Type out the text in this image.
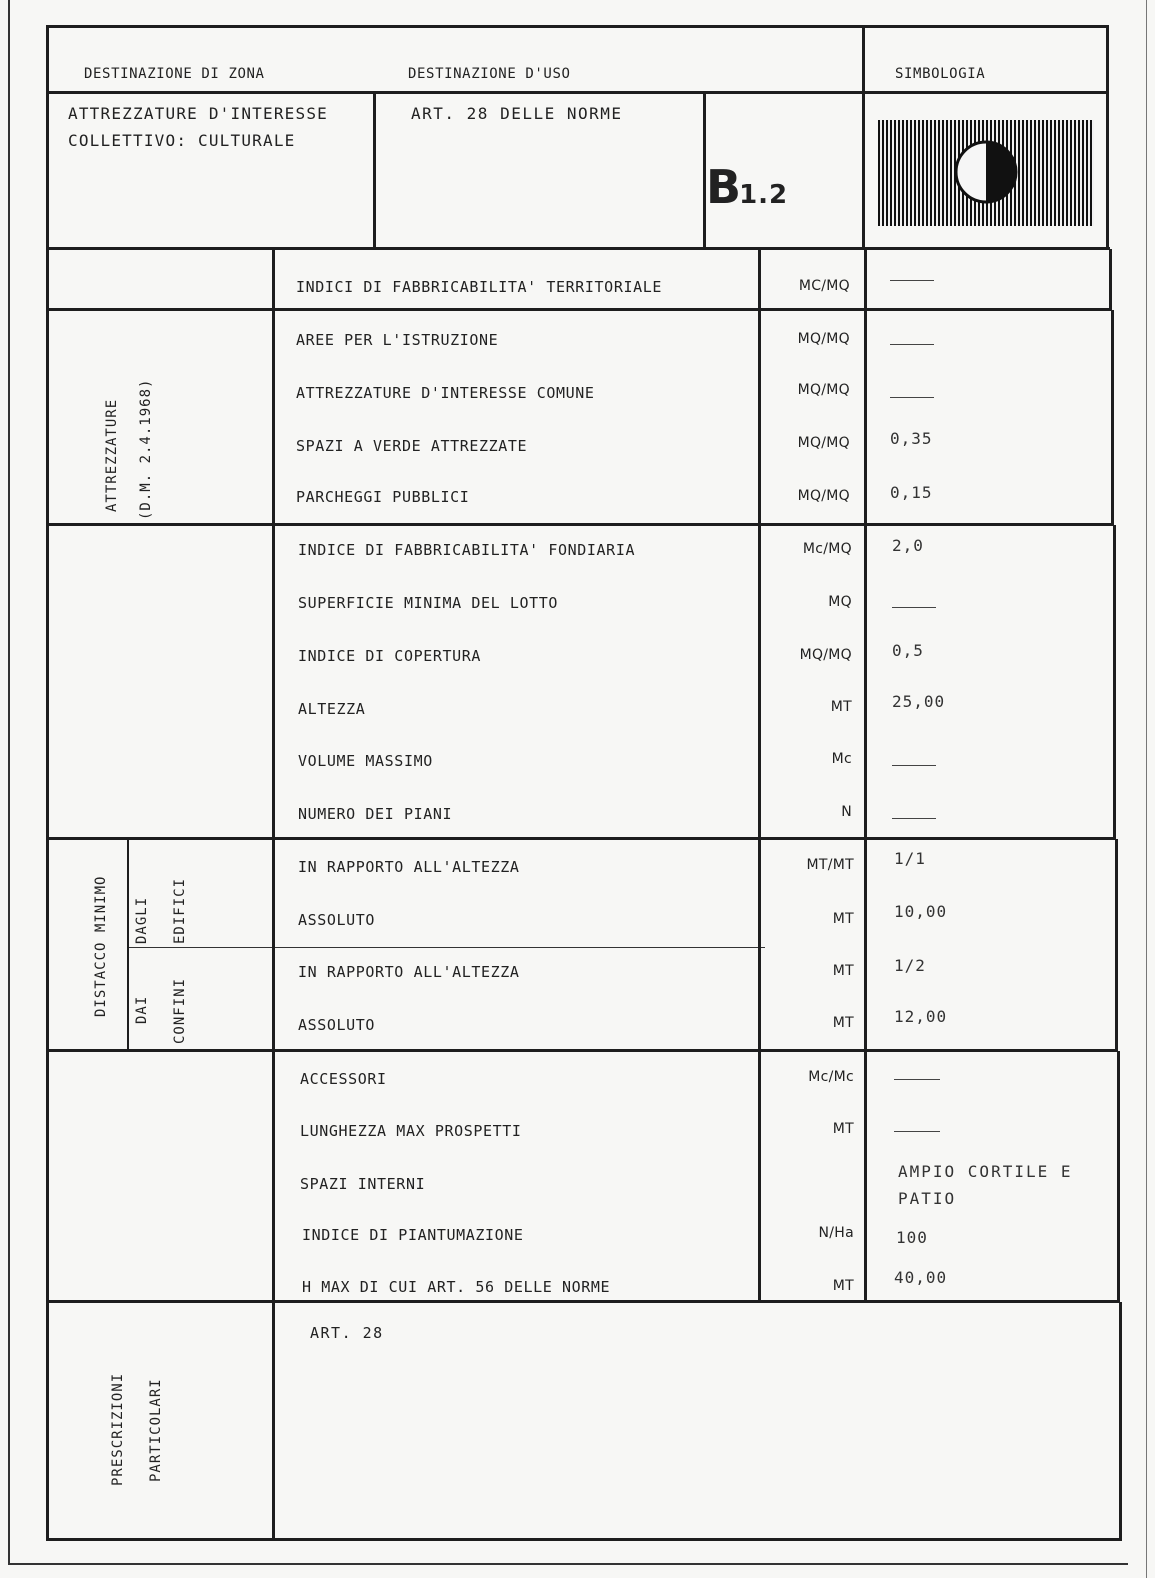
DESTINAZIONE DI ZONA	DESTINAZIONE D'USO	SIMBOLOGIA
ATTREZZATURE D'INTERESSE
COLLETTIVO: CULTURALE
ART. 28 DELLE NORME
B1.2
INDICI DI FABBRICABILITA' TERRITORIALE	MC/MQ
ATTREZZATURE (D.M. 2.4.1968)
AREE PER L'ISTRUZIONE	MQ/MQ
ATTREZZATURE D'INTERESSE COMUNE	MQ/MQ
SPAZI A VERDE ATTREZZATE	MQ/MQ	0,35
PARCHEGGI PUBBLICI	MQ/MQ	0,15
INDICE DI FABBRICABILITA' FONDIARIA	Mc/MQ	2,0
SUPERFICIE MINIMA DEL LOTTO	MQ
INDICE DI COPERTURA	MQ/MQ	0,5
ALTEZZA	MT	25,00
VOLUME MASSIMO	Mc
NUMERO DEI PIANI	N
DISTACCO MINIMO DAGLI EDIFICI
DAI CONFINI
IN RAPPORTO ALL'ALTEZZA	MT/MT	1/1
ASSOLUTO	MT	10,00
IN RAPPORTO ALL'ALTEZZA	MT	1/2
ASSOLUTO	MT	12,00
ACCESSORI	Mc/Mc
LUNGHEZZA MAX PROSPETTI	MT
SPAZI INTERNI
AMPIO CORTILE E
PATIO
INDICE DI PIANTUMAZIONE	N/Ha	100
H MAX DI CUI ART. 56 DELLE NORME	MT	40,00
PRESCRIZIONI PARTICOLARI
ART. 28
